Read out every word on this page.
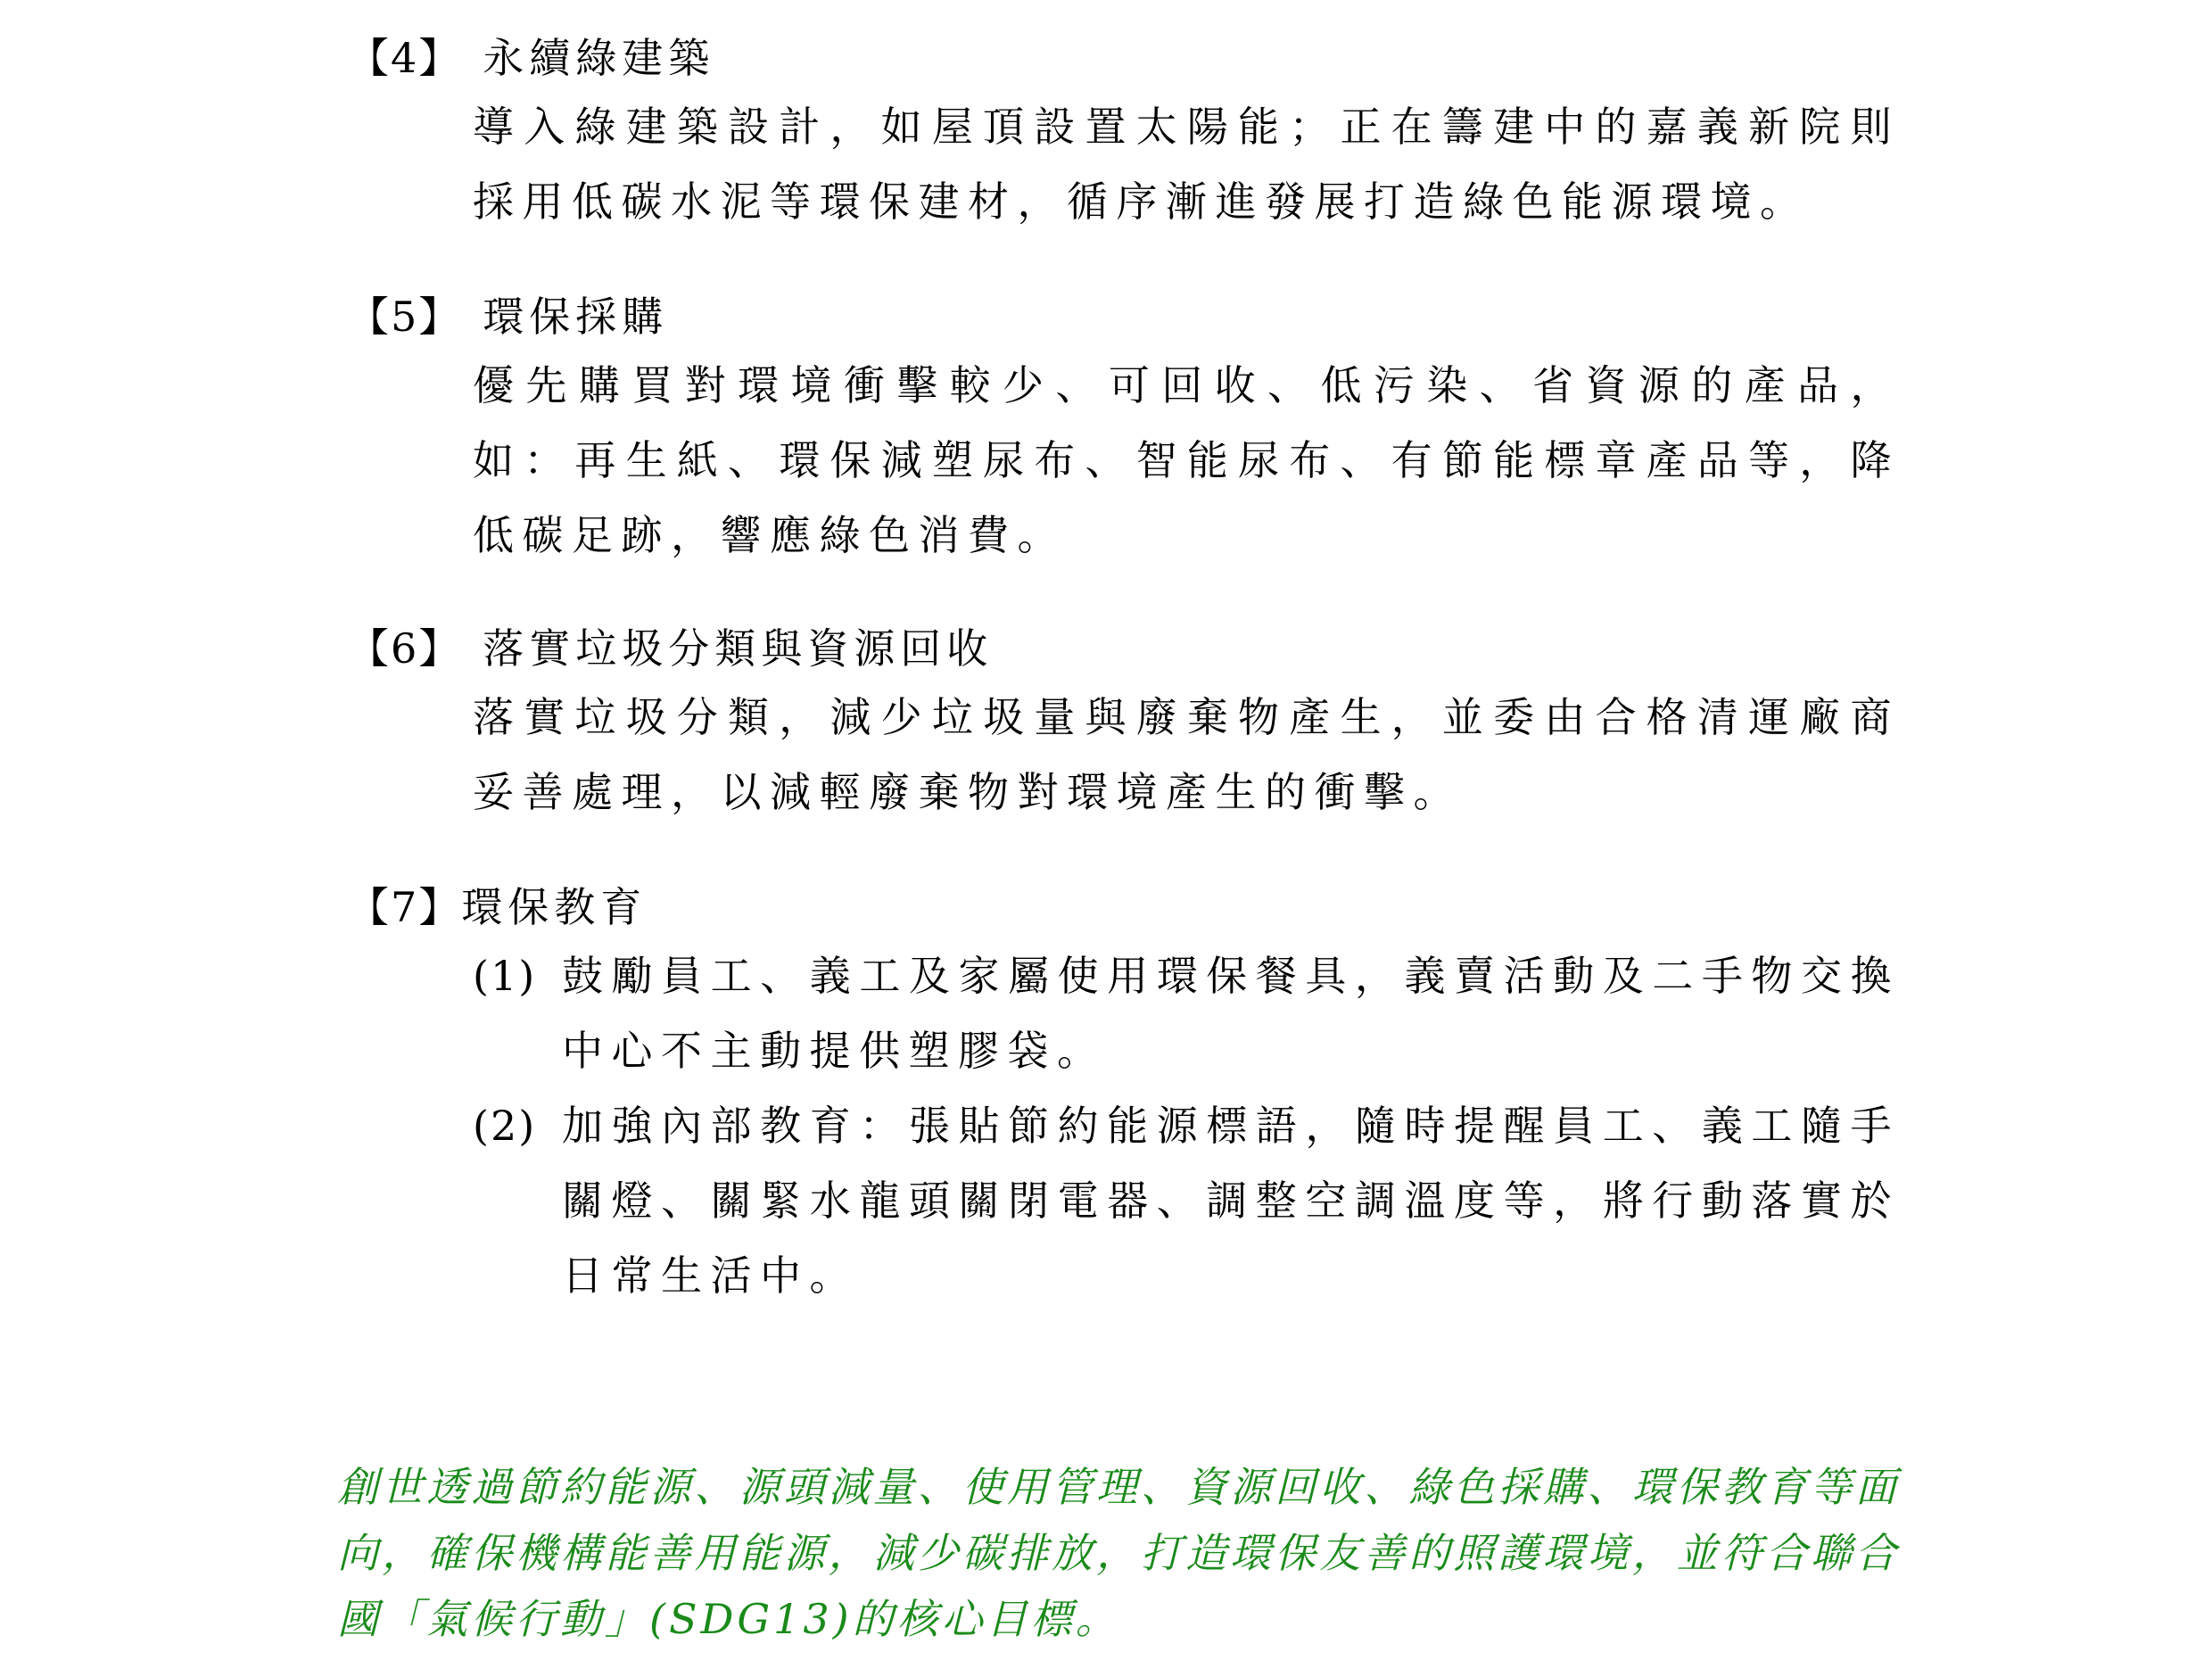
【4】 永續綠建築
導入綠建築設計，如屋頂設置太陽能；正在籌建中的嘉義新院則採用低碳水泥等環保建材，循序漸進發展打造綠色能源環境。
【5】 環保採購
優先購買對環境衝擊較少、可回收、低污染、省資源的產品，如：再生紙、環保減塑尿布、智能尿布、有節能標章產品等，降低碳足跡，響應綠色消費。
【6】 落實垃圾分類與資源回收
落實垃圾分類，減少垃圾量與廢棄物產生，並委由合格清運廠商妥善處理，以減輕廢棄物對環境產生的衝擊。
【7】環保教育
(1) 鼓勵員工、義工及家屬使用環保餐具，義賣活動及二手物交換中心不主動提供塑膠袋。
(2) 加強內部教育：張貼節約能源標語，隨時提醒員工、義工隨手關燈、關緊水龍頭關閉電器、調整空調溫度等，將行動落實於日常生活中。
創世透過節約能源、源頭減量、使用管理、資源回收、綠色採購、環保教育等面向，確保機構能善用能源，減少碳排放，打造環保友善的照護環境，並符合聯合國「氣候行動」(SDG13)的核心目標。
